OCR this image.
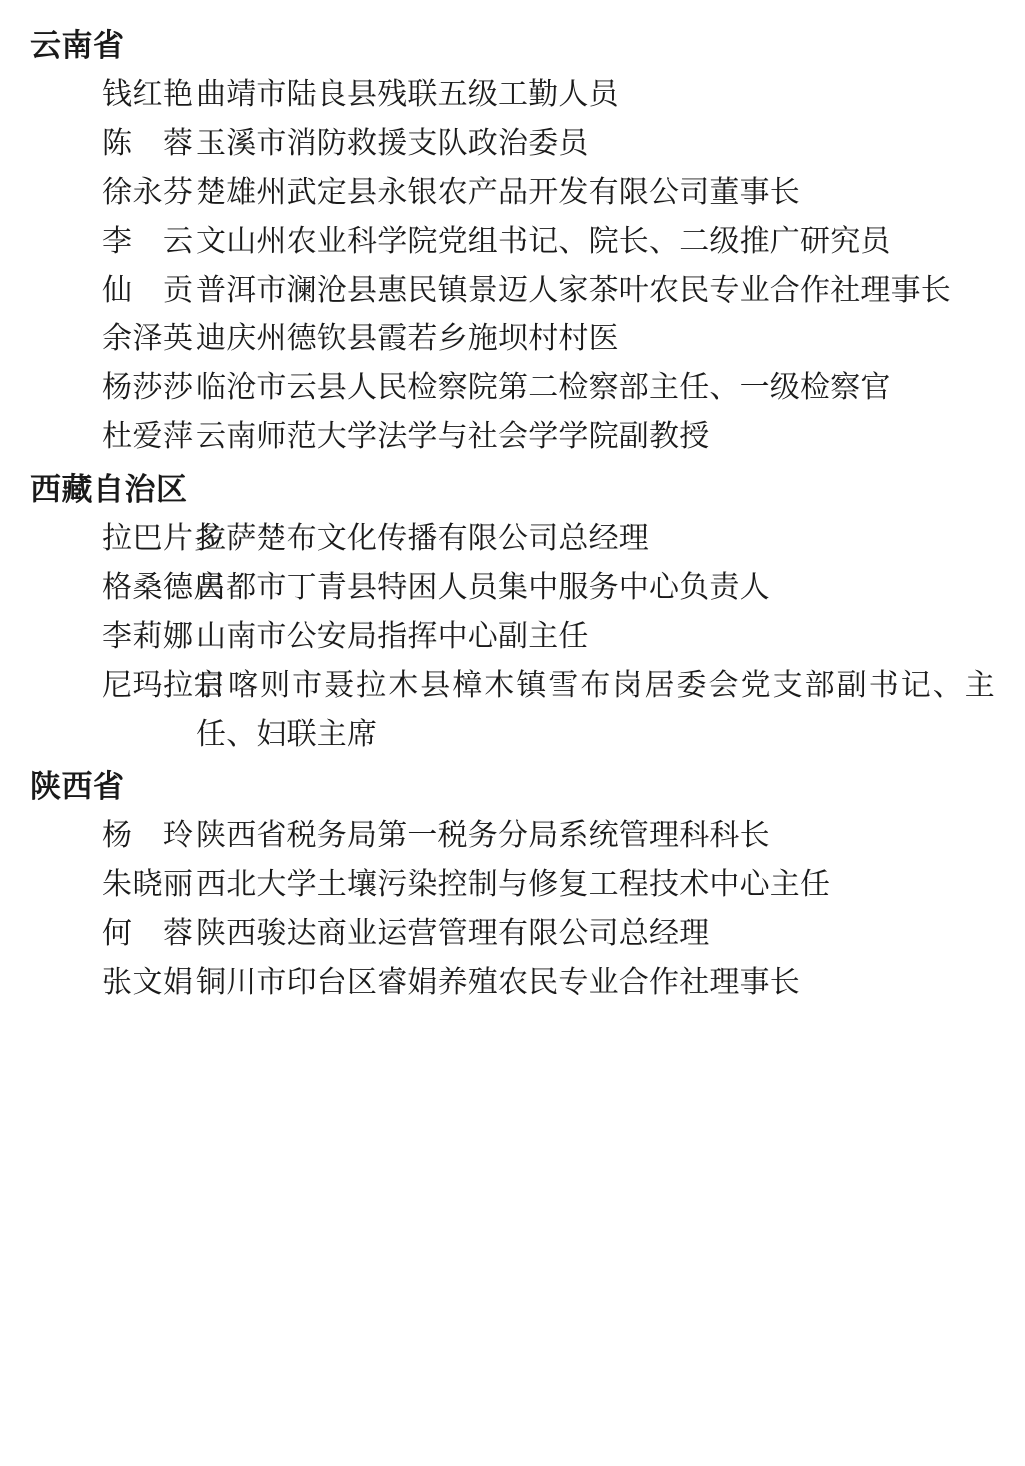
云南省
钱红艳 曲靖市陆良县残联五级工勤人员
陈　蓉 玉溪市消防救援支队政治委员
徐永芬 楚雄州武定县永银农产品开发有限公司董事长
李　云 文山州农业科学院党组书记、院长、二级推广研究员
仙　贡 普洱市澜沧县惠民镇景迈人家茶叶农民专业合作社理事长
余泽英 迪庆州德钦县霞若乡施坝村村医
杨莎莎 临沧市云县人民检察院第二检察部主任、一级检察官
杜爱萍 云南师范大学法学与社会学学院副教授
西藏自治区
拉巴片多
拉萨楚布文化传播有限公司总经理
格桑德庆
昌都市丁青县特困人员集中服务中心负责人
李莉娜 山南市公安局指挥中心副主任
尼玛拉宗
日喀则市聂拉木县樟木镇雪布岗居委会党支部副书记、主任、妇联主席
陕西省
杨　玲 陕西省税务局第一税务分局系统管理科科长
朱晓丽 西北大学土壤污染控制与修复工程技术中心主任
何　蓉 陕西骏达商业运营管理有限公司总经理
张文娟 铜川市印台区睿娟养殖农民专业合作社理事长
